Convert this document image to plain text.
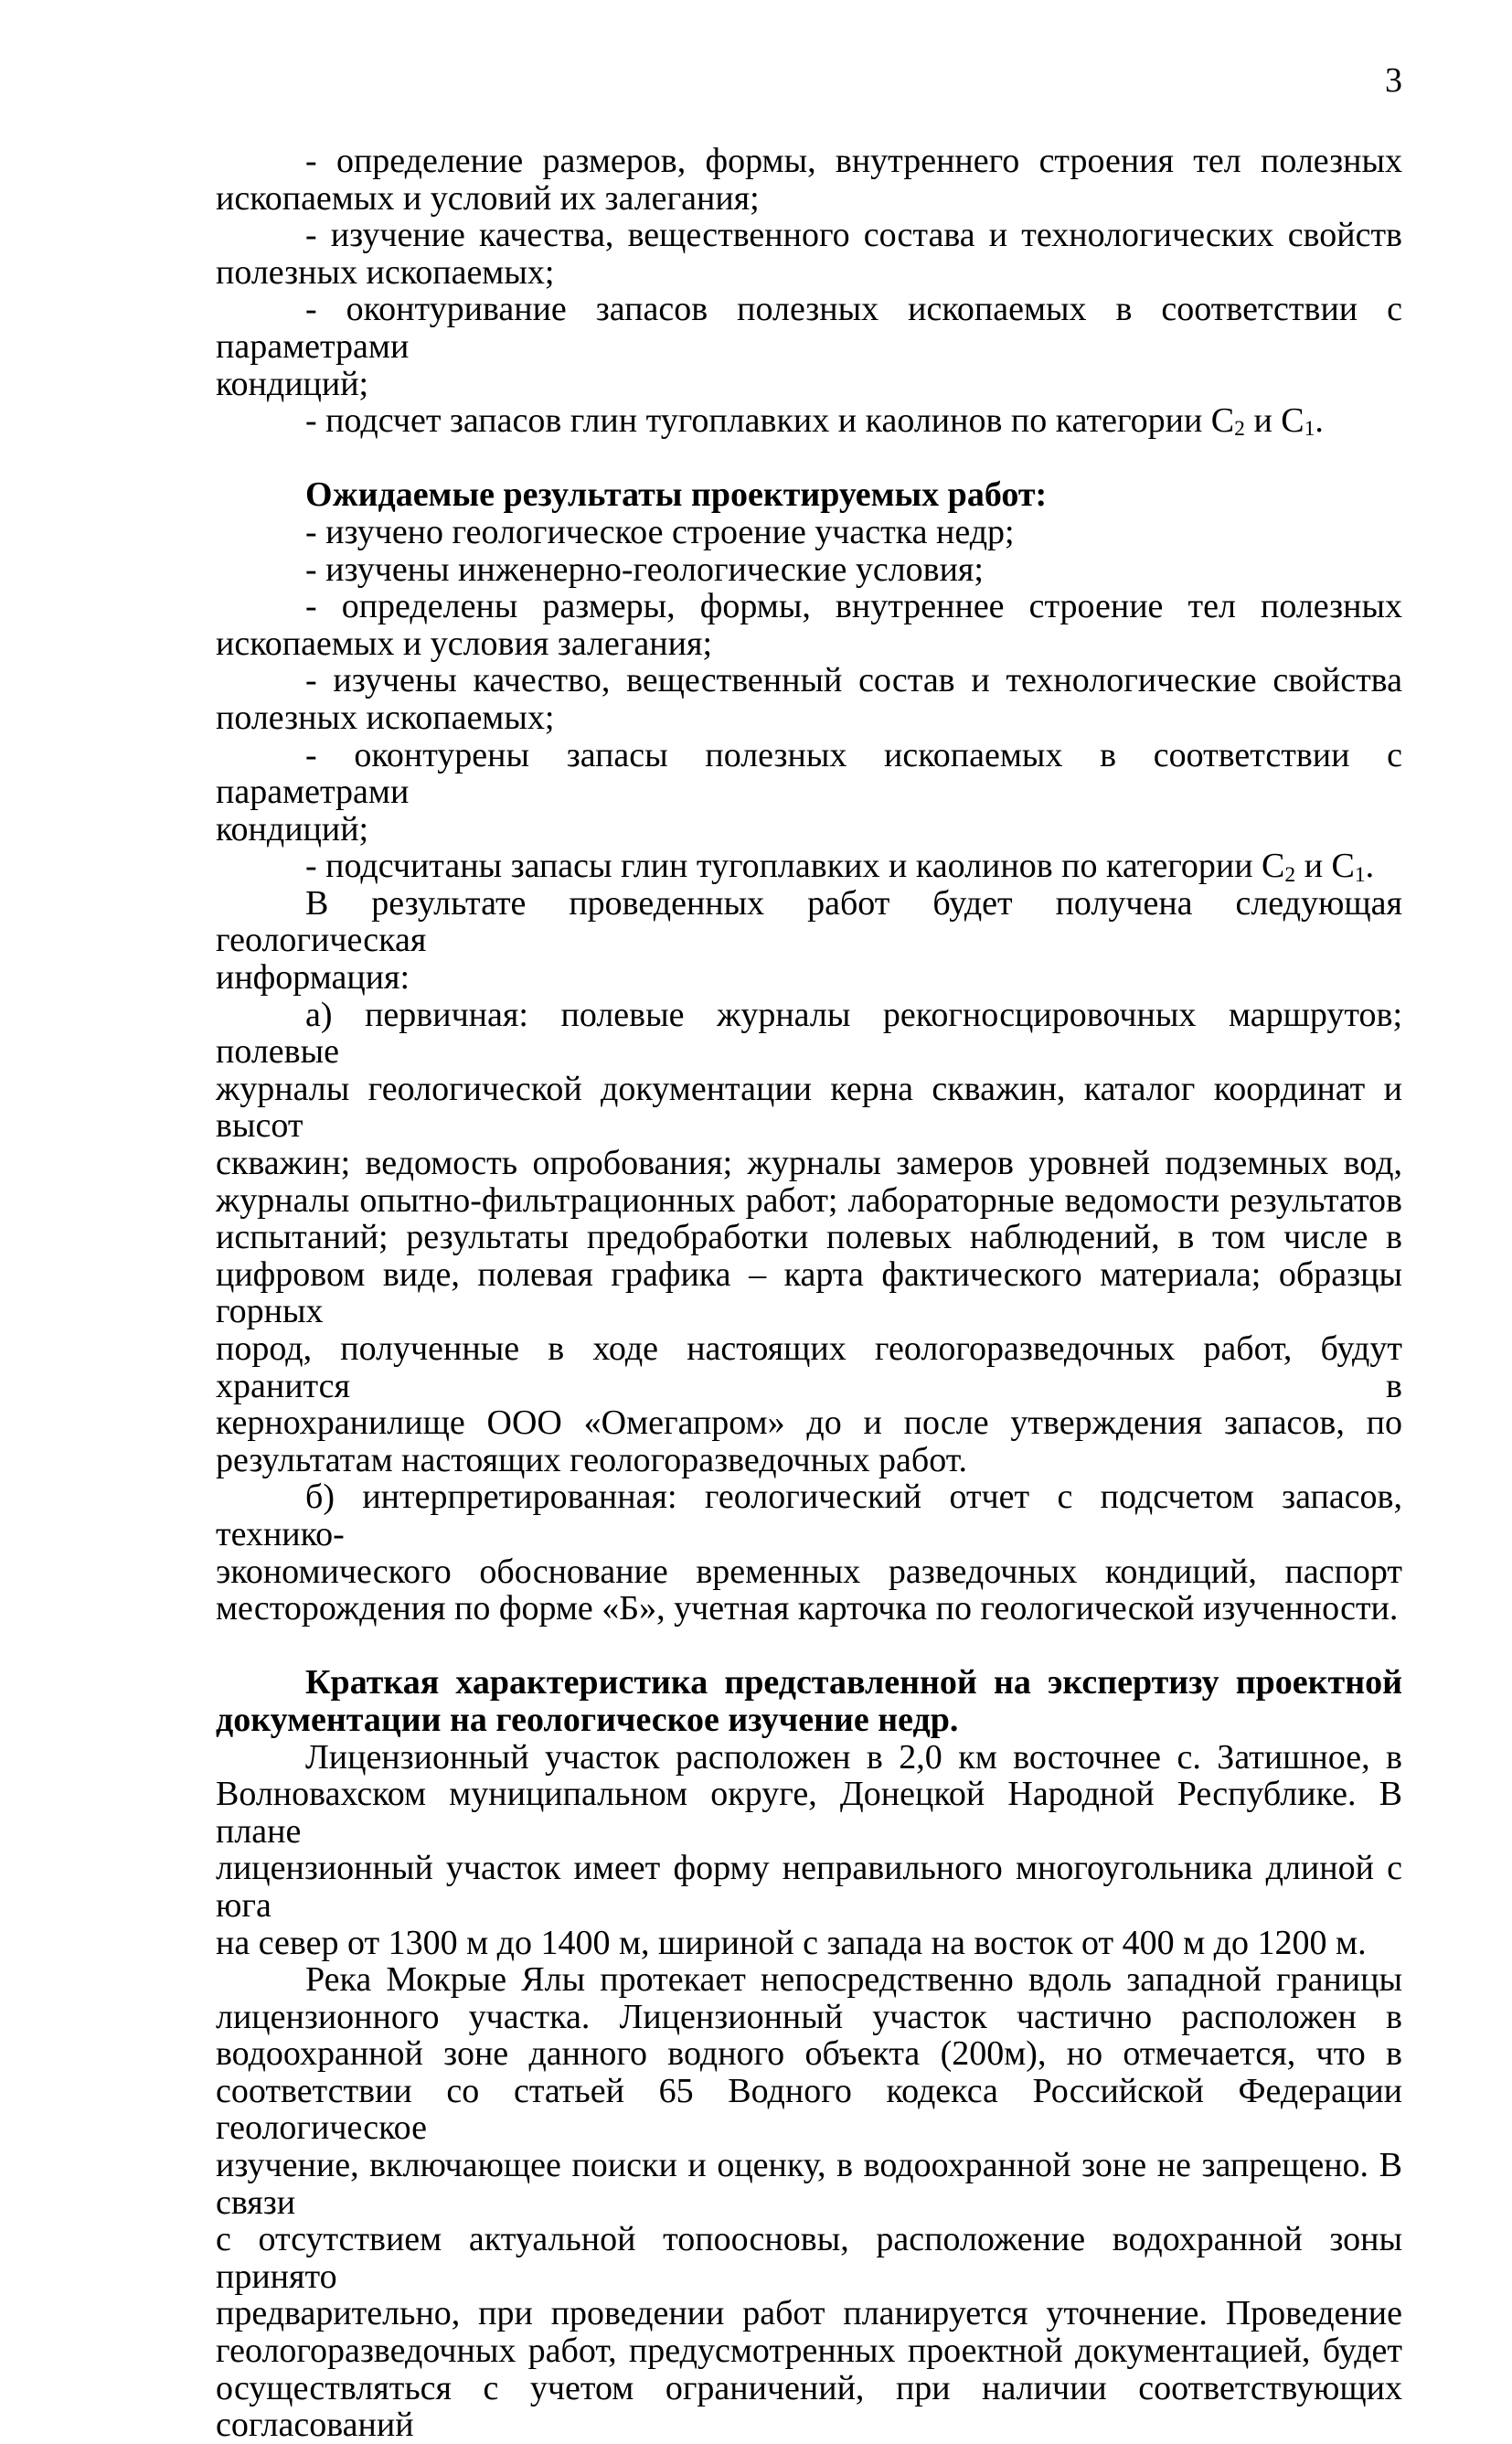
3
- определение размеров, формы, внутреннего строения тел полезных
ископаемых и условий их залегания;
- изучение качества, вещественного состава и технологических свойств
полезных ископаемых;
- оконтуривание запасов полезных ископаемых в соответствии с параметрами
кондиций;
- подсчет запасов глин тугоплавких и каолинов по категории $С_2$ и $С_1$.

Ожидаемые результаты проектируемых работ:
- изучено геологическое строение участка недр;
- изучены инженерно-геологические условия;
- определены размеры, формы, внутреннее строение тел полезных
ископаемых и условия залегания;
- изучены качество, вещественный состав и технологические свойства
полезных ископаемых;
- оконтурены запасы полезных ископаемых в соответствии с параметрами
кондиций;
- подсчитаны запасы глин тугоплавких и каолинов по категории $С_2$ и $С_1$.
В результате проведенных работ будет получена следующая геологическая
информация:
а) первичная: полевые журналы рекогносцировочных маршрутов; полевые
журналы геологической документации керна скважин, каталог координат и высот
скважин; ведомость опробования; журналы замеров уровней подземных вод,
журналы опытно-фильтрационных работ; лабораторные ведомости результатов
испытаний; результаты предобработки полевых наблюдений, в том числе в
цифровом виде, полевая графика – карта фактического материала; образцы горных
пород, полученные в ходе настоящих геологоразведочных работ, будут хранится в
кернохранилище ООО «Омегапром» до и после утверждения запасов, по
результатам настоящих геологоразведочных работ.
б) интерпретированная: геологический отчет с подсчетом запасов, технико-
экономического обоснование временных разведочных кондиций, паспорт
месторождения по форме «Б», учетная карточка по геологической изученности.

Краткая характеристика представленной на экспертизу проектной
документации на геологическое изучение недр.
Лицензионный участок расположен в 2,0 км восточнее с. Затишное, в
Волновахском муниципальном округе, Донецкой Народной Республике. В плане
лицензионный участок имеет форму неправильного многоугольника длиной с юга
на север от 1300 м до 1400 м, шириной с запада на восток от 400 м до 1200 м.
Река Мокрые Ялы протекает непосредственно вдоль западной границы
лицензионного участка. Лицензионный участок частично расположен в
водоохранной зоне данного водного объекта (200м), но отмечается, что в
соответствии со статьей 65 Водного кодекса Российской Федерации геологическое
изучение, включающее поиски и оценку, в водоохранной зоне не запрещено. В связи
с отсутствием актуальной топоосновы, расположение водохранной зоны принято
предварительно, при проведении работ планируется уточнение. Проведение
геологоразведочных работ, предусмотренных проектной документацией, будет
осуществляться с учетом ограничений, при наличии соответствующих согласований
